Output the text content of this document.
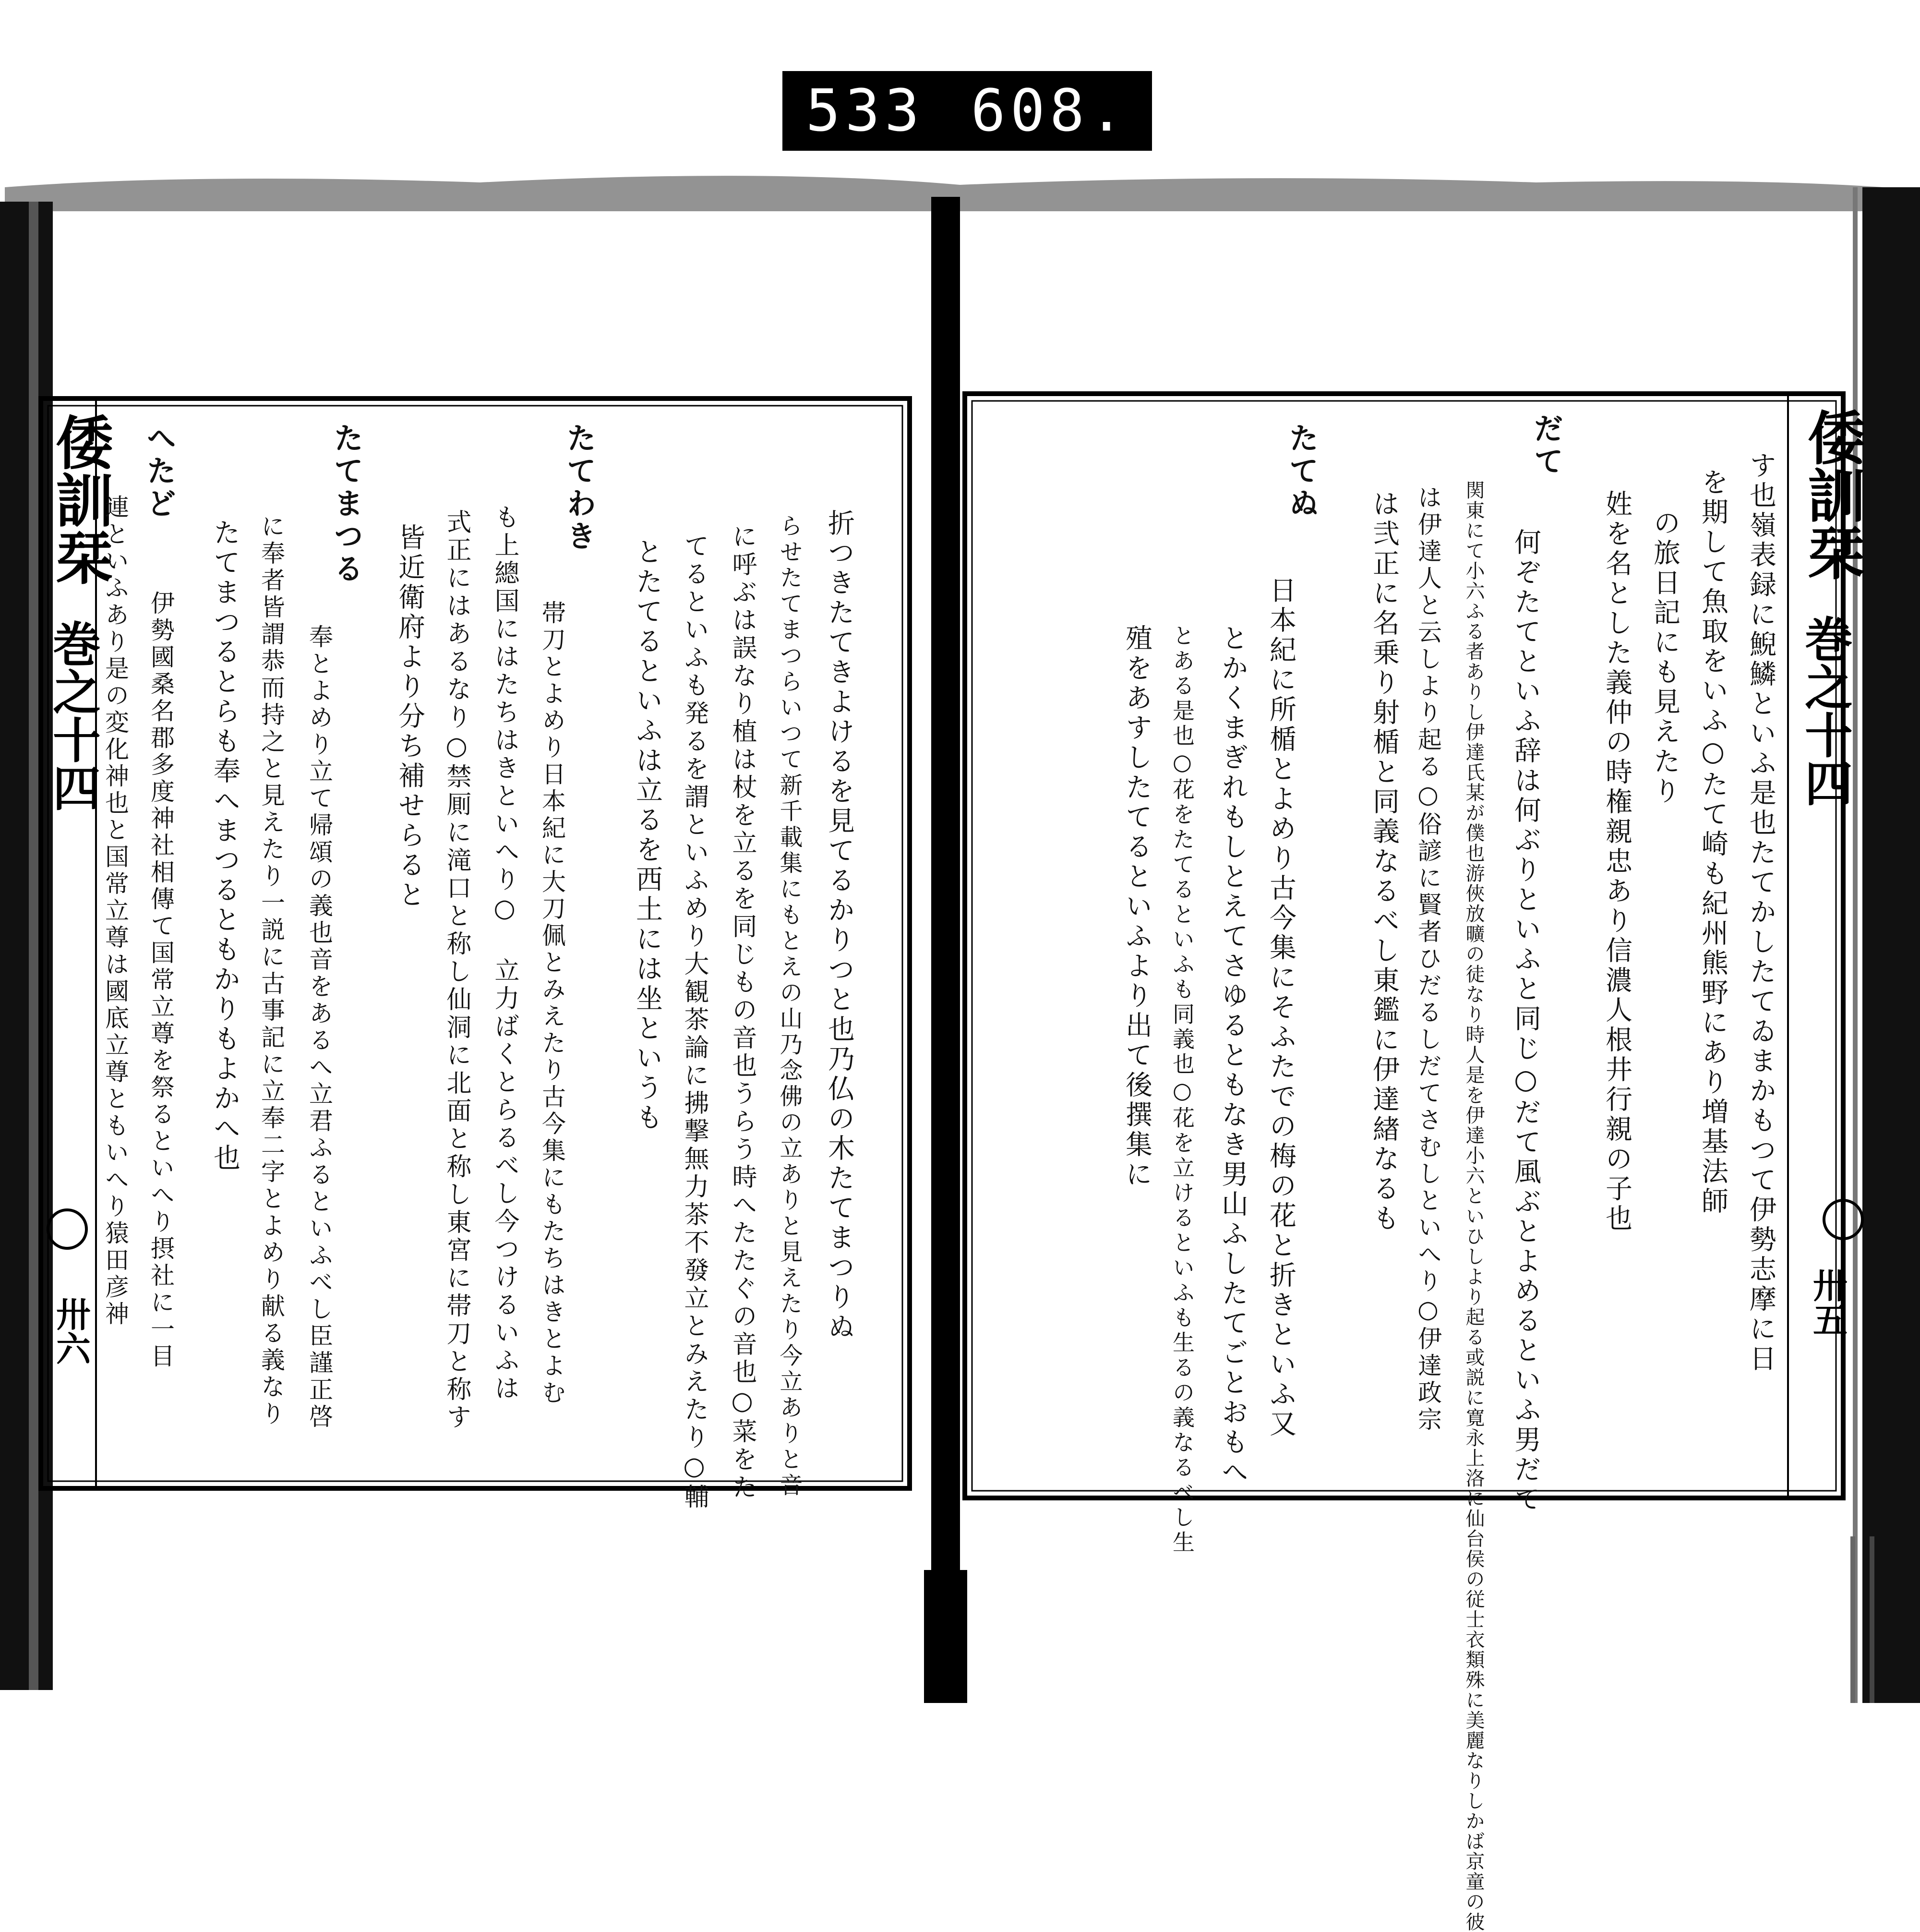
533 608.
倭訓栞
巻之十四
卅六
倭訓栞
巻之十四
卅五
す也嶺表録に鯢鱗といふ是也たてかしたてゐまかもつて伊勢志摩に日
を期して魚取をいふ○たて崎も紀州熊野にあり増基法師
の旅日記にも見えたり
姓を名とした義仲の時権親忠あり信濃人根井行親の子也
だて
何ぞたてといふ辞は何ぶりといふと同じ○だて風ぶとよめるといふ男だて
関東にて小六ふる者ありし伊達氏某が僕也游俠放曠の徒なり時人是を伊達小六といひしより起る或説に寛永上洛に仙台侯の従士衣類殊に美麗なりしかば京童の彼
は伊達人と云しより起る○俗諺に賢者ひだるしだてさむしといへり○伊達政宗
は弐正に名乗り射楯と同義なるべし東鑑に伊達緖なるも
たてぬ
日本紀に所楯とよめり古今集にそふたでの梅の花と折きといふ又
とかくまぎれもしとえてさゆるともなき男山ふしたてごとおもへ
とある是也○花をたてるといふも同義也○花を立けるといふも生るの義なるべし生
殖をあすしたてるといふより出て後撰集に
折つきたてきよけるを見てるかりつと也乃仏の木たてまつりぬ
らせたてまつらいつて新千載集にもとえの山乃念佛の立ありと見えたり今立ありと音
に呼ぶは誤なり植は杖を立るを同じもの音也うらう時へたたぐの音也○菜をた
てるといふも発るを謂といふめり大観茶論に拂撃無力茶不發立とみえたり○輔
とたてるといふは立るを西土には坐というも
たてわき
帯刀とよめり日本紀に大刀佩とみえたり古今集にもたちはきとよむ
も上總国にはたちはきといへり○ 立力ばくとらるべし今つけるいふは
式正にはあるなり○禁厠に滝口と称し仙洞に北面と称し東宮に帯刀と称す
皆近衛府より分ち補せらると
たてまつる
奉とよめり立て帰頌の義也音をあるへ立君ふるといふべし臣謹正啓
に奉者皆謂恭而持之と見えたり一説に古事記に立奉二字とよめり献る義なり
たてまつるとらも奉へまつるともかりもよかへ也
へたど
伊勢國桑名郡多度神社相傳て国常立尊を祭るといへり摂社に一目
連といふあり是の変化神也と国常立尊は國底立尊ともいへり猿田彦神
